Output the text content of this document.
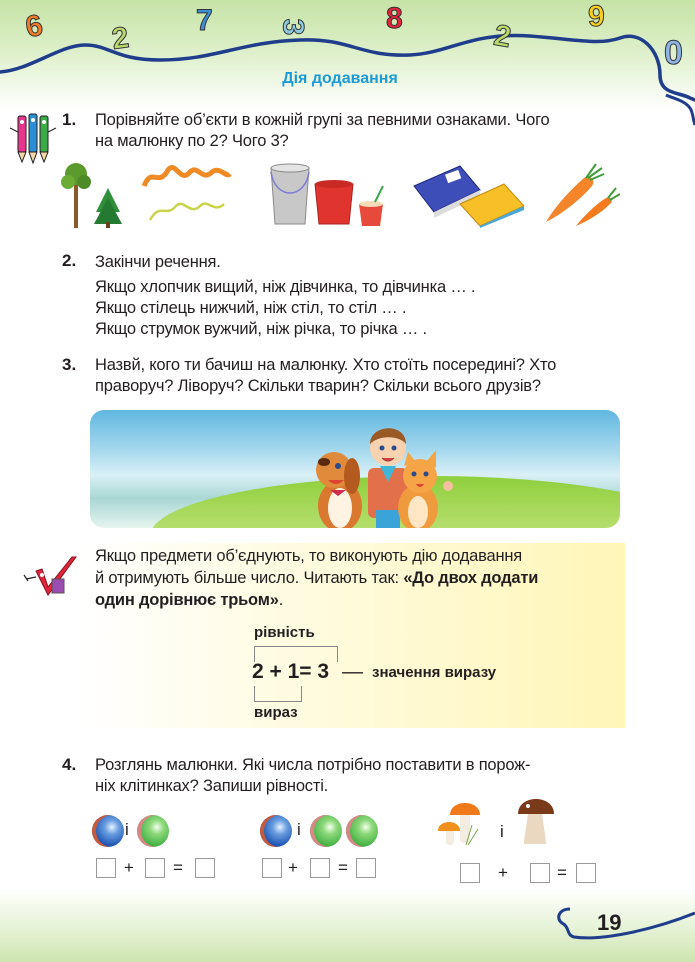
6 2
7 3	8
2
9
0
Дія додавання
1. Порівняйте об’єкти в кожній групі за певними ознаками. Чого
на малюнку по 2? Чого 3?
2. Закінчи речення.
Якщо хлопчик вищий, ніж дівчинка, то дівчинка … .
Якщо стілець нижчий, ніж стіл, то стіл … .
Якщо струмок вужчий, ніж річка, то річка … .
3. Назвй, кого ти бачиш на малюнку. Хто стоїть посередині? Хто
праворуч? Ліворуч? Скільки тварин? Скільки всього друзів?
Якщо предмети об’єднують, то виконують дію додавання
й отримують більше число. Читають так: «До двох додати
один дорівнює трьом».
рівність
2 + 1= 3 — значення виразу
вираз
4. Розглянь малюнки. Які числа потрібно поставити в порож-
ніх клітинках? Запиши рівності.
і
+ =
і
+ =
і
+	=
19
